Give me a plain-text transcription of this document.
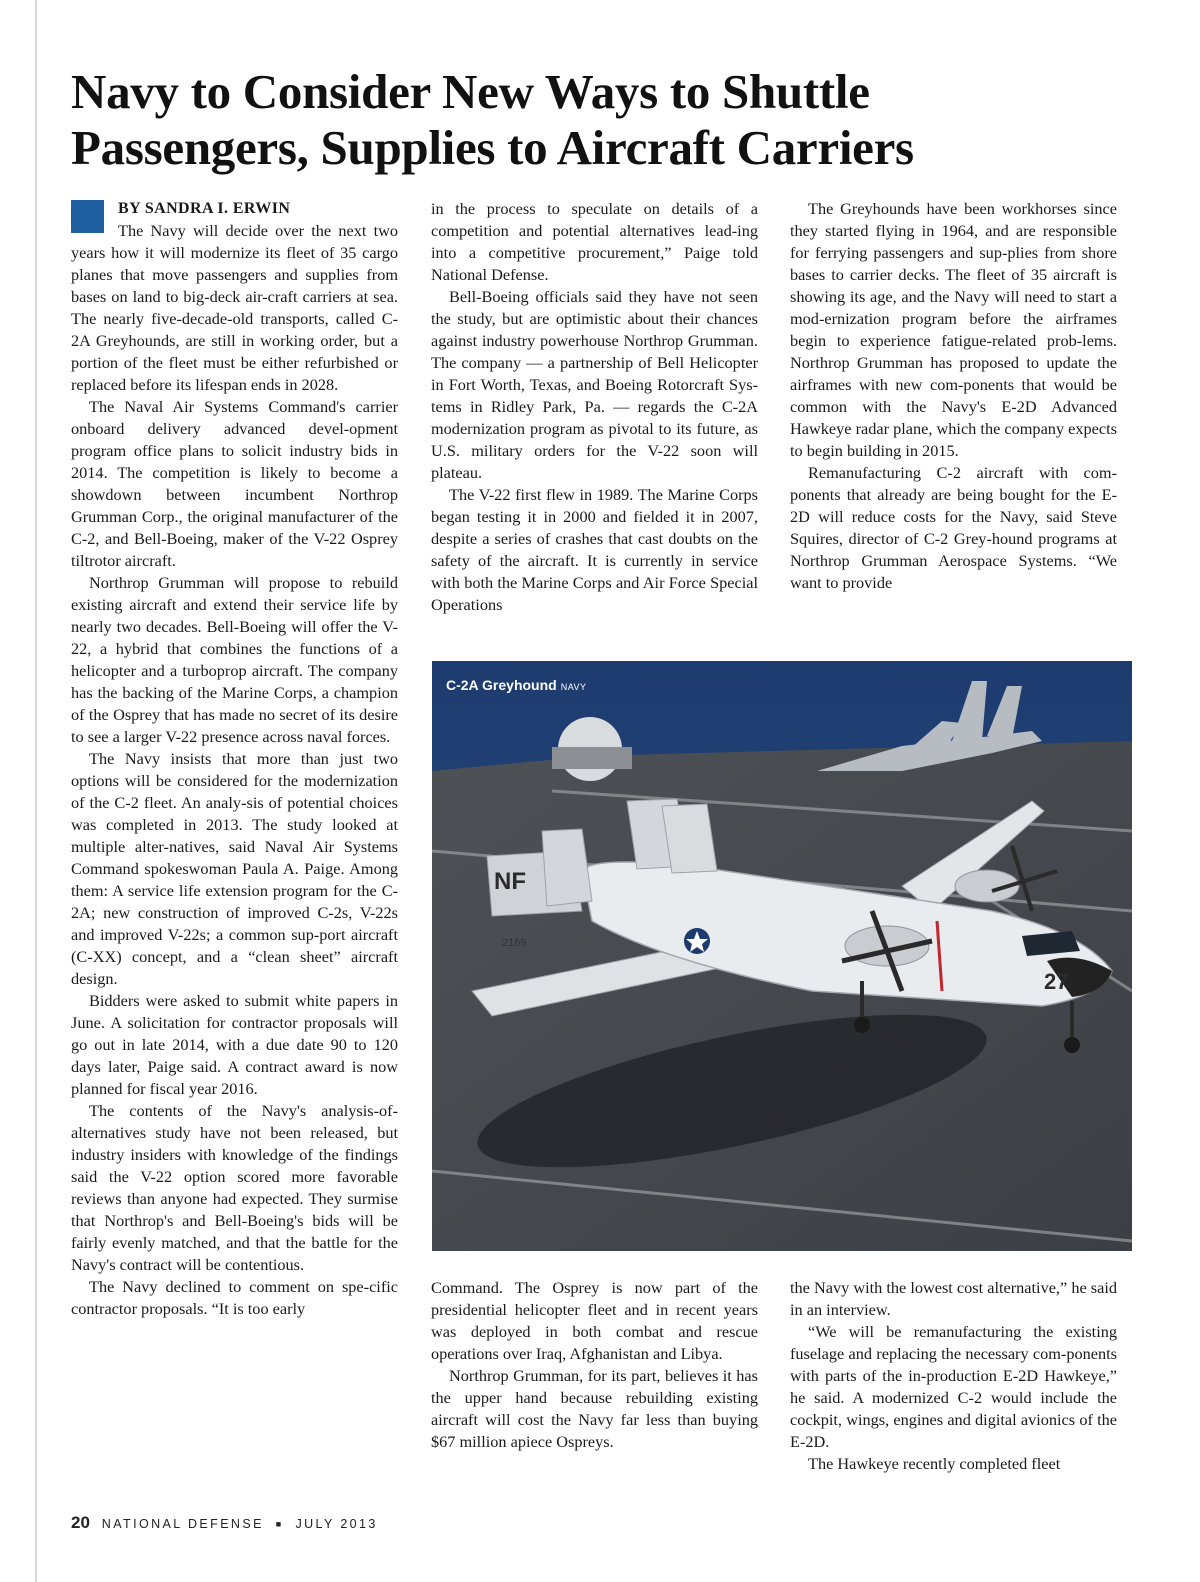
Navy to Consider New Ways to Shuttle
Passengers, Supplies to Aircraft Carriers
BY SANDRA I. ERWIN

The Navy will decide over the next two years how it will modernize its fleet of 35 cargo planes that move passengers and supplies from bases on land to big-deck air-craft carriers at sea. The nearly five-decade-old transports, called C-2A Greyhounds, are still in working order, but a portion of the fleet must be either refurbished or replaced before its lifespan ends in 2028.

The Naval Air Systems Command's carrier onboard delivery advanced devel-opment program office plans to solicit industry bids in 2014. The competition is likely to become a showdown between incumbent Northrop Grumman Corp., the original manufacturer of the C-2, and Bell-Boeing, maker of the V-22 Osprey tiltrotor aircraft.

Northrop Grumman will propose to rebuild existing aircraft and extend their service life by nearly two decades. Bell-Boeing will offer the V-22, a hybrid that combines the functions of a helicopter and a turboprop aircraft. The company has the backing of the Marine Corps, a champion of the Osprey that has made no secret of its desire to see a larger V-22 presence across naval forces.

The Navy insists that more than just two options will be considered for the modernization of the C-2 fleet. An analy-sis of potential choices was completed in 2013. The study looked at multiple alter-natives, said Naval Air Systems Command spokeswoman Paula A. Paige. Among them: A service life extension program for the C-2A; new construction of improved C-2s, V-22s and improved V-22s; a common sup-port aircraft (C-XX) concept, and a “clean sheet” aircraft design.

Bidders were asked to submit white papers in June. A solicitation for contractor proposals will go out in late 2014, with a due date 90 to 120 days later, Paige said. A contract award is now planned for fiscal year 2016.

The contents of the Navy's analysis-of-alternatives study have not been released, but industry insiders with knowledge of the findings said the V-22 option scored more favorable reviews than anyone had expected. They surmise that Northrop's and Bell-Boeing's bids will be fairly evenly matched, and that the battle for the Navy's contract will be contentious.

The Navy declined to comment on spe-cific contractor proposals. “It is too early

in the process to speculate on details of a competition and potential alternatives lead-ing into a competitive procurement,” Paige told National Defense.

Bell-Boeing officials said they have not seen the study, but are optimistic about their chances against industry powerhouse Northrop Grumman. The company — a partnership of Bell Helicopter in Fort Worth, Texas, and Boeing Rotorcraft Sys-tems in Ridley Park, Pa. — regards the C-2A modernization program as pivotal to its future, as U.S. military orders for the V-22 soon will plateau.

The V-22 first flew in 1989. The Marine Corps began testing it in 2000 and fielded it in 2007, despite a series of crashes that cast doubts on the safety of the aircraft. It is currently in service with both the Marine Corps and Air Force Special Operations

The Greyhounds have been workhorses since they started flying in 1964, and are responsible for ferrying passengers and sup-plies from shore bases to carrier decks. The fleet of 35 aircraft is showing its age, and the Navy will need to start a mod-ernization program before the airframes begin to experience fatigue-related prob-lems. Northrop Grumman has proposed to update the airframes with new com-ponents that would be common with the Navy's E-2D Advanced Hawkeye radar plane, which the company expects to begin building in 2015.

Remanufacturing C-2 aircraft with com-ponents that already are being bought for the E-2D will reduce costs for the Navy, said Steve Squires, director of C-2 Grey-hound programs at Northrop Grumman Aerospace Systems. “We want to provide

NF
2169
27
C-2A Greyhound NAVY

Command. The Osprey is now part of the presidential helicopter fleet and in recent years was deployed in both combat and rescue operations over Iraq, Afghanistan and Libya.

Northrop Grumman, for its part, believes it has the upper hand because rebuilding existing aircraft will cost the Navy far less than buying $67 million apiece Ospreys.

the Navy with the lowest cost alternative,” he said in an interview.

“We will be remanufacturing the existing fuselage and replacing the necessary com-ponents with parts of the in-production E-2D Hawkeye,” he said. A modernized C-2 would include the cockpit, wings, engines and digital avionics of the E-2D.

The Hawkeye recently completed fleet

20 NATIONAL DEFENSE ■ JULY 2013
